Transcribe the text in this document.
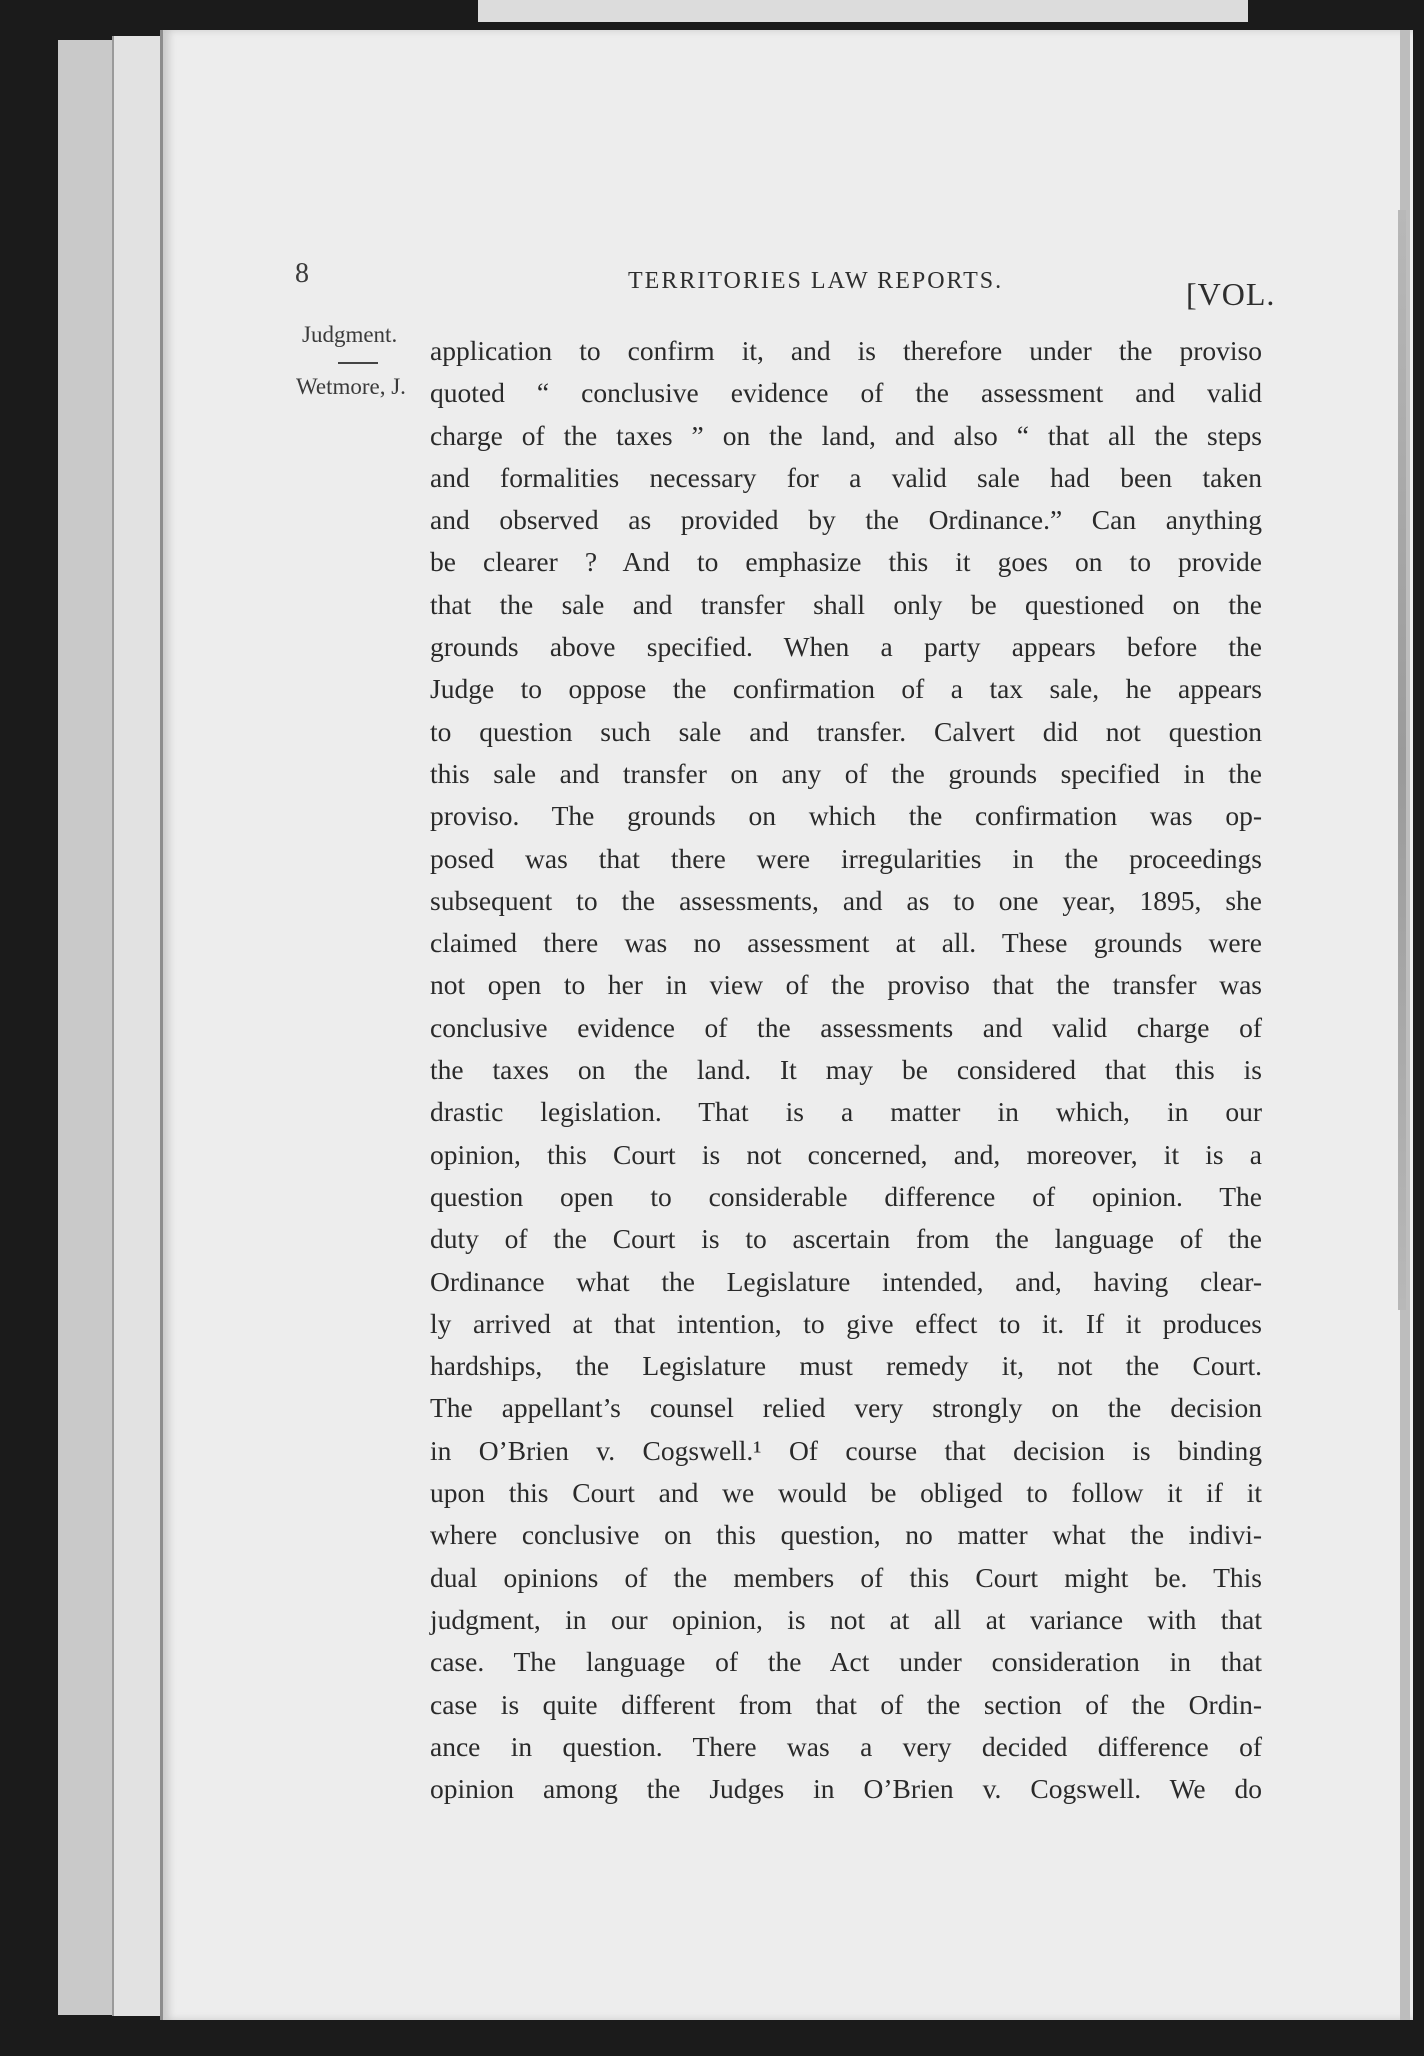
8	TERRITORIES LAW REPORTS.	[VOL.
Judgment.
Wetmore, J.
application to confirm it, and is therefore under the proviso
quoted “ conclusive evidence of the assessment and valid
charge of the taxes ” on the land, and also “ that all the steps
and formalities necessary for a valid sale had been taken
and observed as provided by the Ordinance.” Can anything
be clearer ? And to emphasize this it goes on to provide
that the sale and transfer shall only be questioned on the
grounds above specified. When a party appears before the
Judge to oppose the confirmation of a tax sale, he appears
to question such sale and transfer. Calvert did not question
this sale and transfer on any of the grounds specified in the
proviso. The grounds on which the confirmation was op-
posed was that there were irregularities in the proceedings
subsequent to the assessments, and as to one year, 1895, she
claimed there was no assessment at all. These grounds were
not open to her in view of the proviso that the transfer was
conclusive evidence of the assessments and valid charge of
the taxes on the land. It may be considered that this is
drastic legislation. That is a matter in which, in our
opinion, this Court is not concerned, and, moreover, it is a
question open to considerable difference of opinion. The
duty of the Court is to ascertain from the language of the
Ordinance what the Legislature intended, and, having clear-
ly arrived at that intention, to give effect to it. If it produces
hardships, the Legislature must remedy it, not the Court.
The appellant’s counsel relied very strongly on the decision
in O’Brien v. Cogswell.¹ Of course that decision is binding
upon this Court and we would be obliged to follow it if it
where conclusive on this question, no matter what the indivi-
dual opinions of the members of this Court might be. This
judgment, in our opinion, is not at all at variance with that
case. The language of the Act under consideration in that
case is quite different from that of the section of the Ordin-
ance in question. There was a very decided difference of
opinion among the Judges in O’Brien v. Cogswell. We do
